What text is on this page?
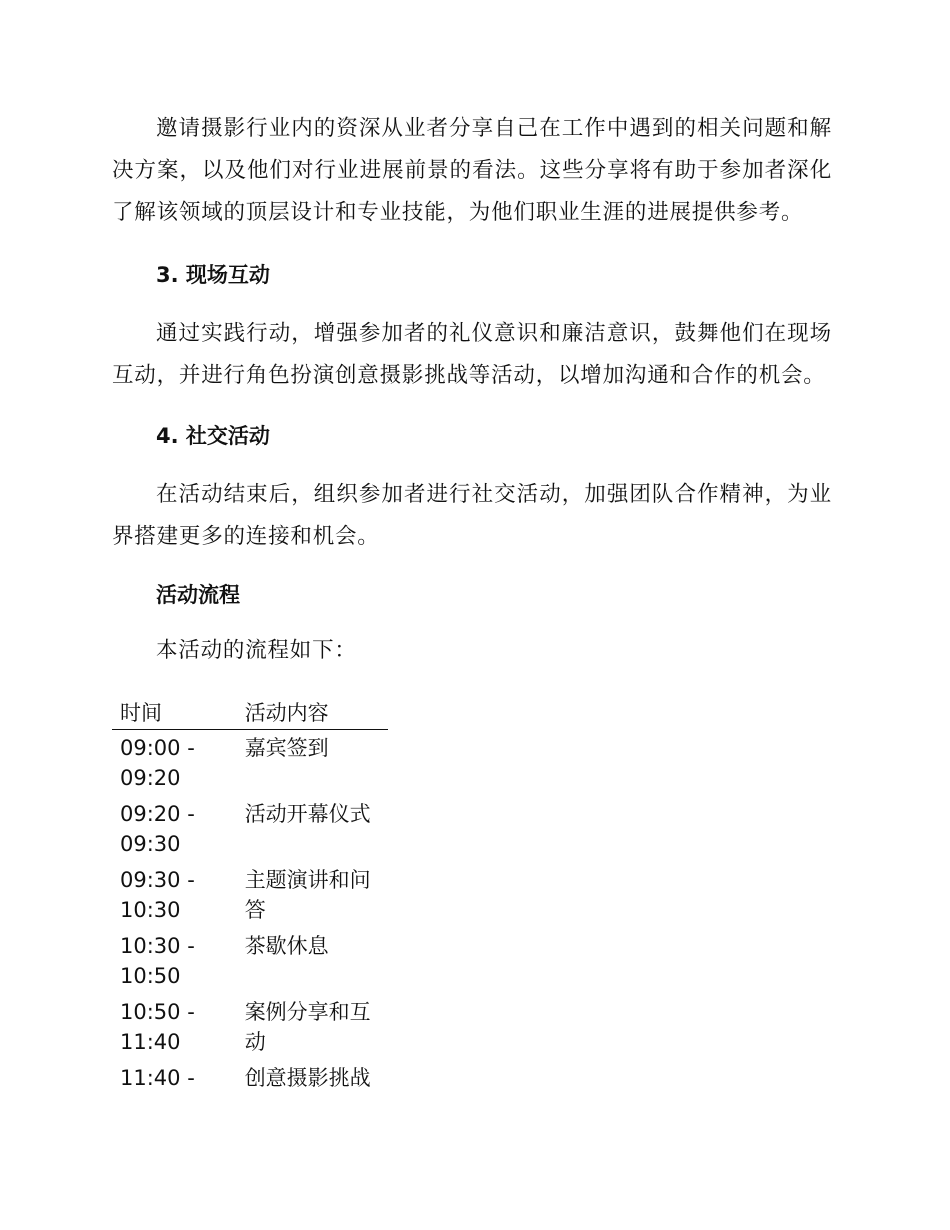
邀请摄影行业内的资深从业者分享自己在工作中遇到的相关问题和解决方案，以及他们对行业进展前景的看法。这些分享将有助于参加者深化了解该领域的顶层设计和专业技能，为他们职业生涯的进展提供参考。

3. 现场互动

通过实践行动，增强参加者的礼仪意识和廉洁意识，鼓舞他们在现场互动，并进行角色扮演创意摄影挑战等活动，以增加沟通和合作的机会。

4. 社交活动

在活动结束后，组织参加者进行社交活动，加强团队合作精神，为业界搭建更多的连接和机会。

活动流程

本活动的流程如下：

时间	活动内容
09:00 - 09:20	嘉宾签到
09:20 - 09:30	活动开幕仪式
09:30 - 10:30	主题演讲和问答
10:30 - 10:50	茶歇休息
10:50 - 11:40	案例分享和互动
11:40 -	创意摄影挑战
